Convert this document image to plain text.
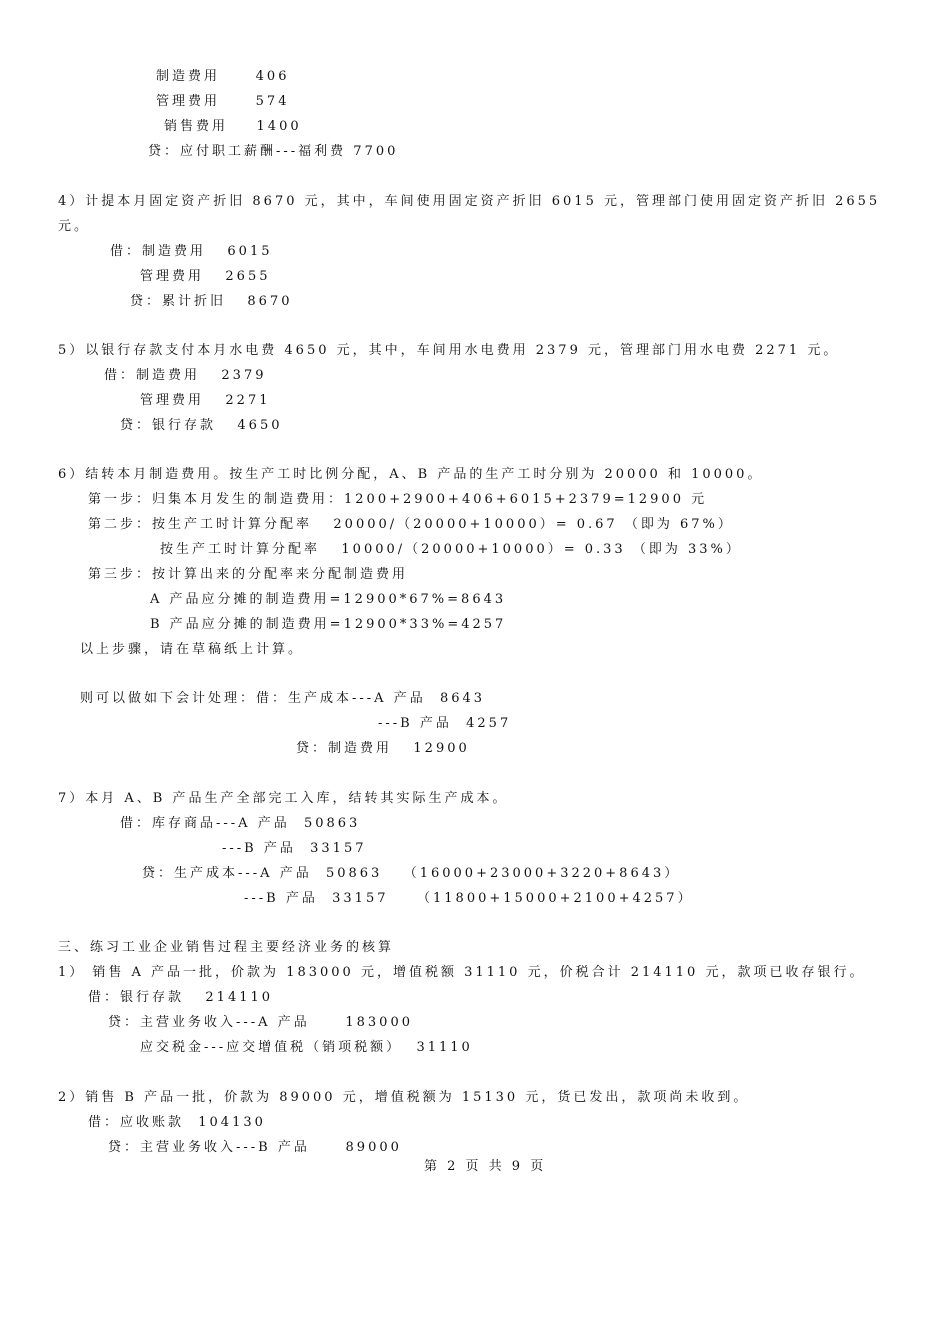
制造费用     406
管理费用     574
销售费用    1400
贷：应付职工薪酬---福利费 7700
4）计提本月固定资产折旧 8670 元，其中，车间使用固定资产折旧 6015 元，管理部门使用固定资产折旧 2655
元。
借：制造费用   6015
管理费用   2655
贷：累计折旧   8670
5）以银行存款支付本月水电费 4650 元，其中，车间用水电费用 2379 元，管理部门用水电费 2271 元。
借：制造费用   2379
管理费用   2271
贷：银行存款   4650
6）结转本月制造费用。按生产工时比例分配，A、B 产品的生产工时分别为 20000 和 10000。
第一步：归集本月发生的制造费用：1200+2900+406+6015+2379=12900 元
第二步：按生产工时计算分配率   20000/（20000+10000）= 0.67 （即为 67%）
按生产工时计算分配率   10000/（20000+10000）= 0.33 （即为 33%）
第三步：按计算出来的分配率来分配制造费用
A 产品应分摊的制造费用=12900*67%=8643
B 产品应分摊的制造费用=12900*33%=4257
以上步骤，请在草稿纸上计算。
则可以做如下会计处理：借：生产成本---A 产品  8643
---B 产品  4257
贷：制造费用   12900
7）本月 A、B 产品生产全部完工入库，结转其实际生产成本。
借：库存商品---A 产品  50863
---B 产品  33157
贷：生产成本---A 产品  50863   （16000+23000+3220+8643）
---B 产品  33157    （11800+15000+2100+4257）
三、练习工业企业销售过程主要经济业务的核算
1） 销售 A 产品一批，价款为 183000 元，增值税额 31110 元，价税合计 214110 元，款项已收存银行。
借：银行存款   214110
贷：主营业务收入---A 产品     183000
应交税金---应交增值税（销项税额）  31110
2）销售 B 产品一批，价款为 89000 元，增值税额为 15130 元，货已发出，款项尚未收到。
借：应收账款  104130
贷：主营业务收入---B 产品     89000
第 2 页 共 9 页
